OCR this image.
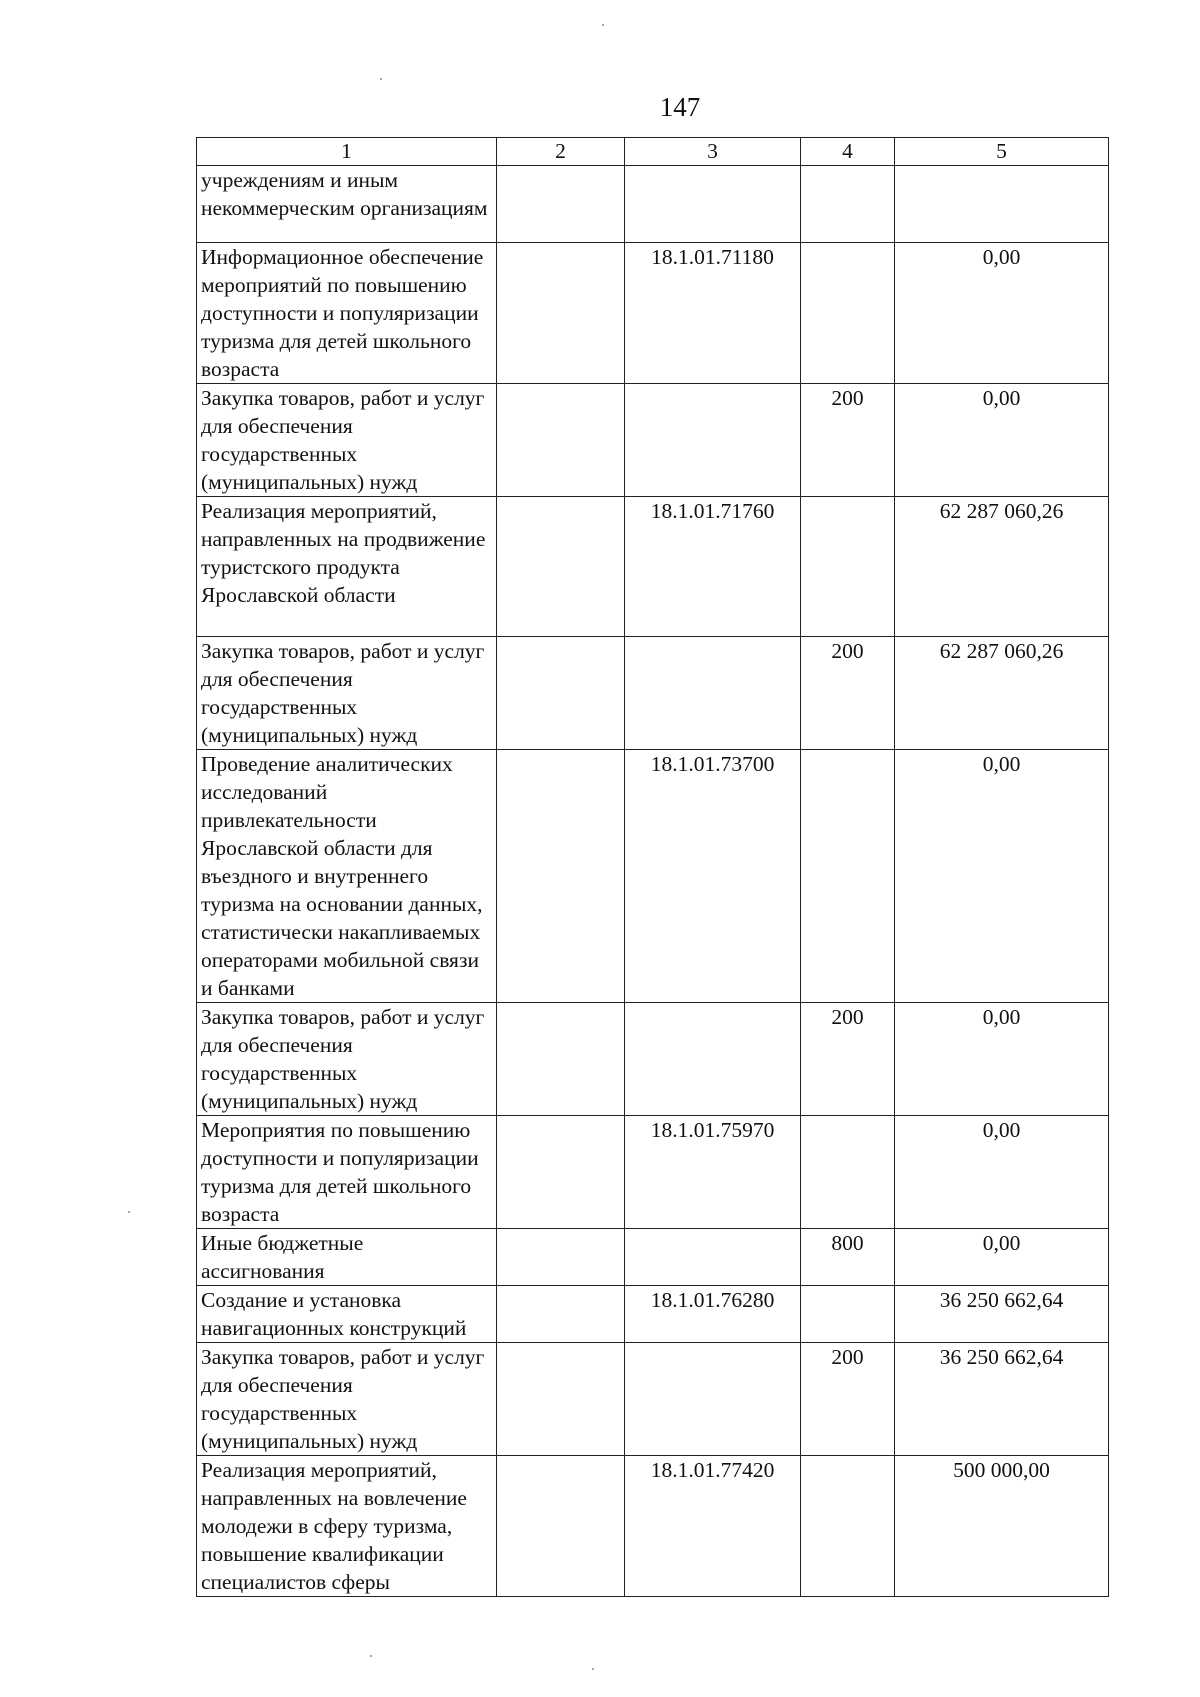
147
1	2	3	4	5
учреждениям и иным некоммерческим организациям				
Информационное обеспечение мероприятий по повышению доступности и популяризации туризма для детей школьного возраста		18.1.01.71180		0,00
Закупка товаров, работ и услуг для обеспечения государственных (муниципальных) нужд			200	0,00
Реализация мероприятий, направленных на продвижение туристского продукта Ярославской области		18.1.01.71760		62 287 060,26
Закупка товаров, работ и услуг для обеспечения государственных (муниципальных) нужд			200	62 287 060,26
Проведение аналитических исследований привлекательности Ярославской области для въездного и внутреннего туризма на основании данных, статистически накапливаемых операторами мобильной связи и банками		18.1.01.73700		0,00
Закупка товаров, работ и услуг для обеспечения государственных (муниципальных) нужд			200	0,00
Мероприятия по повышению доступности и популяризации туризма для детей школьного возраста		18.1.01.75970		0,00
Иные бюджетные ассигнования			800	0,00
Создание и установка навигационных конструкций		18.1.01.76280		36 250 662,64
Закупка товаров, работ и услуг для обеспечения государственных (муниципальных) нужд			200	36 250 662,64
Реализация мероприятий, направленных на вовлечение молодежи в сферу туризма, повышение квалификации специалистов сферы		18.1.01.77420		500 000,00
